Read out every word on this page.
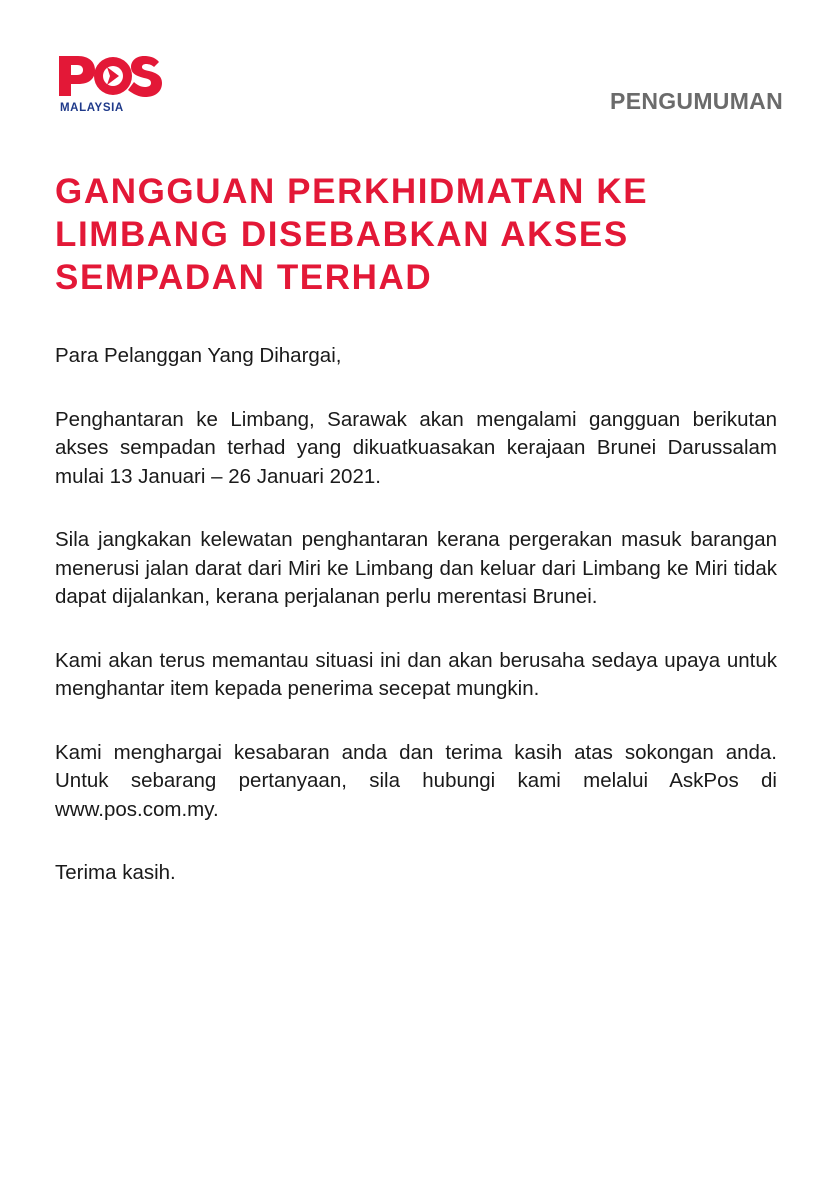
MALAYSIA	PENGUMUMAN
GANGGUAN PERKHIDMATAN KE
LIMBANG DISEBABKAN AKSES
SEMPADAN TERHAD

Para Pelanggan Yang Dihargai,

Penghantaran ke Limbang, Sarawak akan mengalami gangguan berikutan akses sempadan terhad yang dikuatkuasakan kerajaan Brunei Darussalam mulai 13 Januari – 26 Januari 2021.

Sila jangkakan kelewatan penghantaran kerana pergerakan masuk barangan menerusi jalan darat dari Miri ke Limbang dan keluar dari Limbang ke Miri tidak dapat dijalankan, kerana perjalanan perlu merentasi Brunei.

Kami akan terus memantau situasi ini dan akan berusaha sedaya upaya untuk menghantar item kepada penerima secepat mungkin.

Kami menghargai kesabaran anda dan terima kasih atas sokongan anda. Untuk sebarang pertanyaan, sila hubungi kami melalui AskPos di www.pos.com.my.

Terima kasih.
